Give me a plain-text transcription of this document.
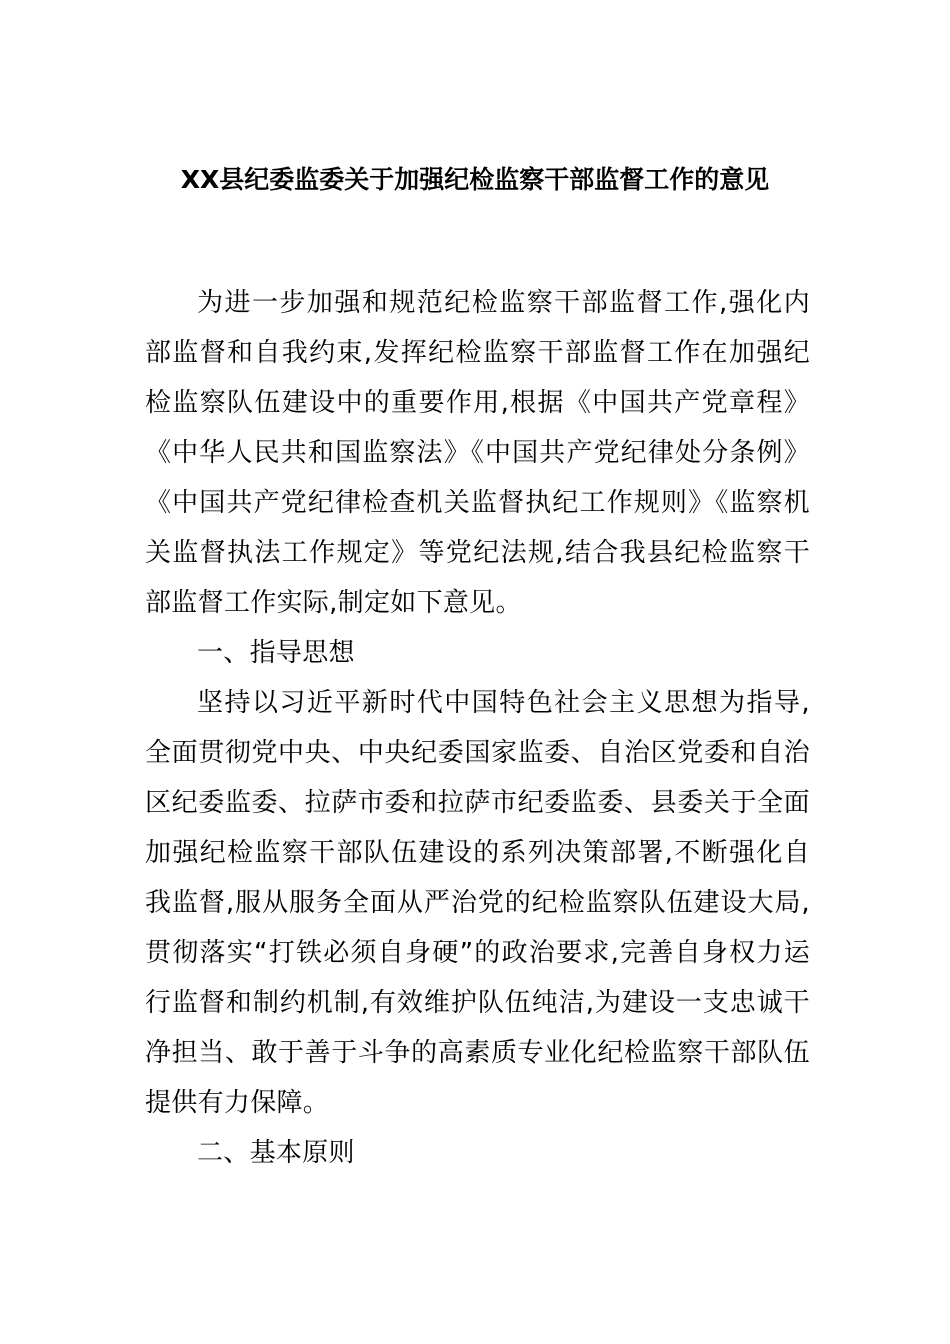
XX县纪委监委关于加强纪检监察干部监督工作的意见

为进一步加强和规范纪检监察干部监督工作,强化内部监督和自我约束,发挥纪检监察干部监督工作在加强纪检监察队伍建设中的重要作用,根据《中国共产党章程》《中华人民共和国监察法》《中国共产党纪律处分条例》《中国共产党纪律检查机关监督执纪工作规则》《监察机关监督执法工作规定》等党纪法规,结合我县纪检监察干部监督工作实际,制定如下意见。

一、指导思想

坚持以习近平新时代中国特色社会主义思想为指导,全面贯彻党中央、中央纪委国家监委、自治区党委和自治区纪委监委、拉萨市委和拉萨市纪委监委、县委关于全面加强纪检监察干部队伍建设的系列决策部署,不断强化自我监督,服从服务全面从严治党的纪检监察队伍建设大局,贯彻落实“打铁必须自身硬”的政治要求,完善自身权力运行监督和制约机制,有效维护队伍纯洁,为建设一支忠诚干净担当、敢于善于斗争的高素质专业化纪检监察干部队伍提供有力保障。

二、基本原则
